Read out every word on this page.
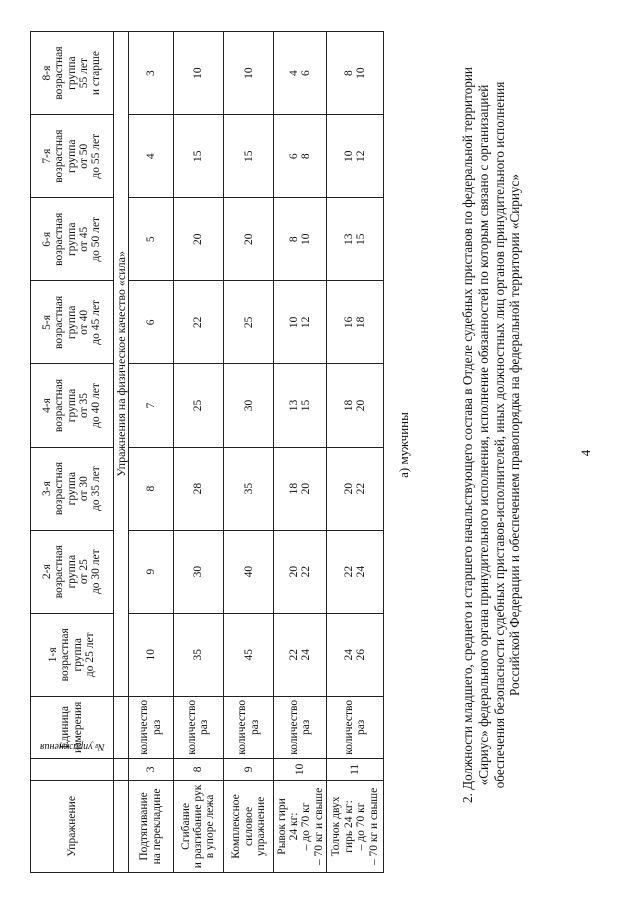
4
2. Должности младшего, среднего и старшего начальствующего состава в Отделе судебных приставов по федеральной территории «Сириус» федерального органа принудительного исполнения, исполнение обязанностей по которым связано с организацией обеспечения безопасности судебных приставов-исполнителей, иных должностных лиц органов принудительного исполнения Российской Федерации и обеспечением правопорядка на федеральной территории «Сириус»
а) мужчины
Упражнение	№ упражнения	Единица измерения	1-я возрастная группа до 25 лет	2-я возрастная группа от 25 до 30 лет	3-я возрастная группа от 30 до 35 лет	4-я возрастная группа от 35 до 40 лет	5-я возрастная группа от 40 до 45 лет	6-я возрастная группа от 45 до 50 лет	7-я возрастная группа от 50 до 55 лет	8-я возрастная группа 55 лет и старше

			Упражнения на физическое качество «сила»							

Подтягивание на перекладине	3	количество раз	10	9	8	7	6	5	4	3

Сгибание и разгибание рук в упоре лежа	8	количество раз	35	30	28	25	22	20	15	10

Комплексное силовое упражнение	9	количество раз	45	40	35	30	25	20	15	10

Рывок гири 24 кг: – до 70 кг – 70 кг и свыше	10	количество раз	22 24	20 22	18 20	13 15	10 12	8 10	6 8	4 6

Толчок двух гирь 24 кг: – до 70 кг – 70 кг и свыше	11	количество раз	24 26	22 24	20 22	18 20	16 18	13 15	10 12	8 10
